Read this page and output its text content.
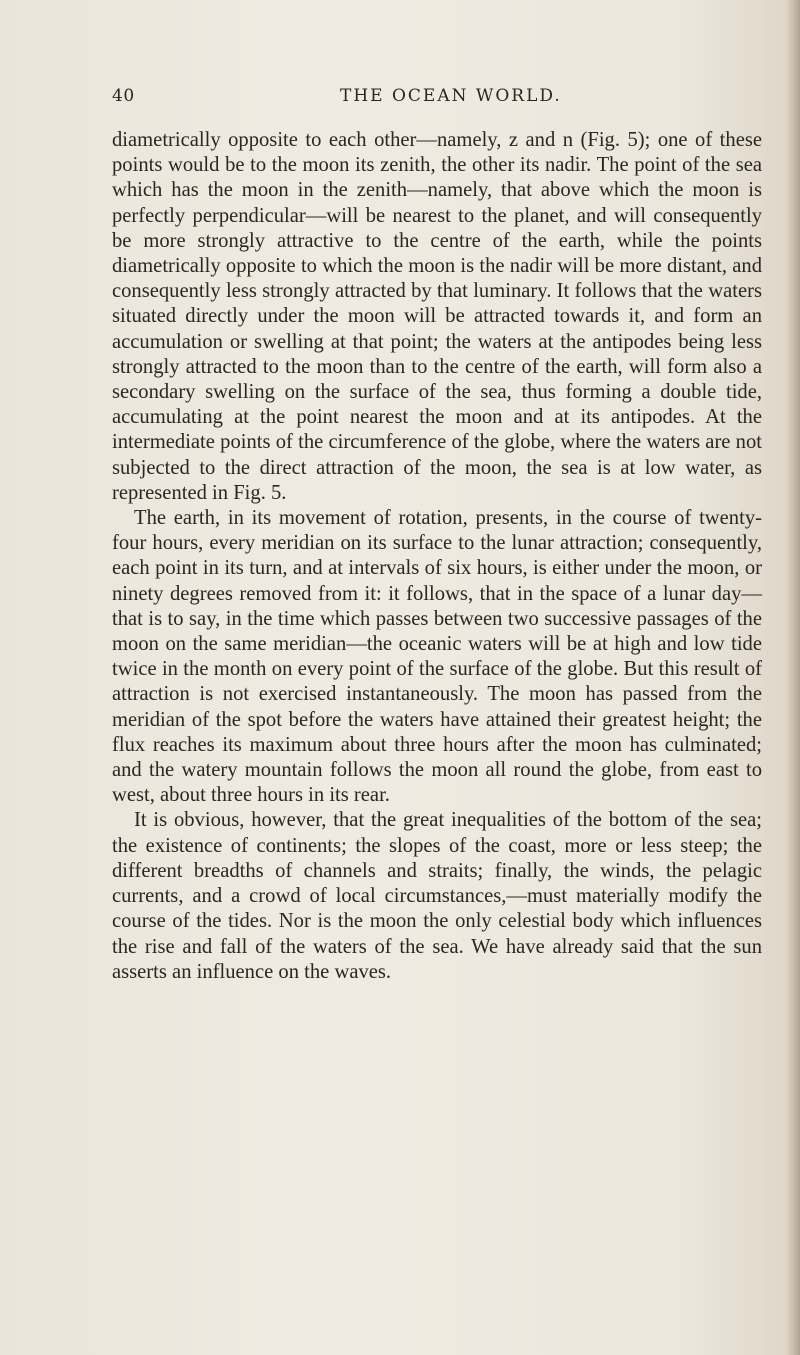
40	THE OCEAN WORLD.

diametrically opposite to each other—namely, z and n (Fig. 5); one of these points would be to the moon its zenith, the other its nadir. The point of the sea which has the moon in the zenith—namely, that above which the moon is perfectly perpendicular—will be nearest to the planet, and will consequently be more strongly attractive to the centre of the earth, while the points diametrically opposite to which the moon is the nadir will be more distant, and consequently less strongly attracted by that luminary. It follows that the waters situated directly under the moon will be attracted towards it, and form an accumulation or swelling at that point; the waters at the antipodes being less strongly attracted to the moon than to the centre of the earth, will form also a secondary swelling on the surface of the sea, thus forming a double tide, accumulating at the point nearest the moon and at its antipodes. At the intermediate points of the circumference of the globe, where the waters are not subjected to the direct attraction of the moon, the sea is at low water, as represented in Fig. 5.

The earth, in its movement of rotation, presents, in the course of twenty-four hours, every meridian on its surface to the lunar attraction; consequently, each point in its turn, and at intervals of six hours, is either under the moon, or ninety degrees removed from it: it follows, that in the space of a lunar day—that is to say, in the time which passes between two successive passages of the moon on the same meridian—the oceanic waters will be at high and low tide twice in the month on every point of the surface of the globe. But this result of attraction is not exercised instantaneously. The moon has passed from the meridian of the spot before the waters have attained their greatest height; the flux reaches its maximum about three hours after the moon has culminated; and the watery mountain follows the moon all round the globe, from east to west, about three hours in its rear.

It is obvious, however, that the great inequalities of the bottom of the sea; the existence of continents; the slopes of the coast, more or less steep; the different breadths of channels and straits; finally, the winds, the pelagic currents, and a crowd of local circumstances,—must materially modify the course of the tides. Nor is the moon the only celestial body which influences the rise and fall of the waters of the sea. We have already said that the sun asserts an influence on the waves.
